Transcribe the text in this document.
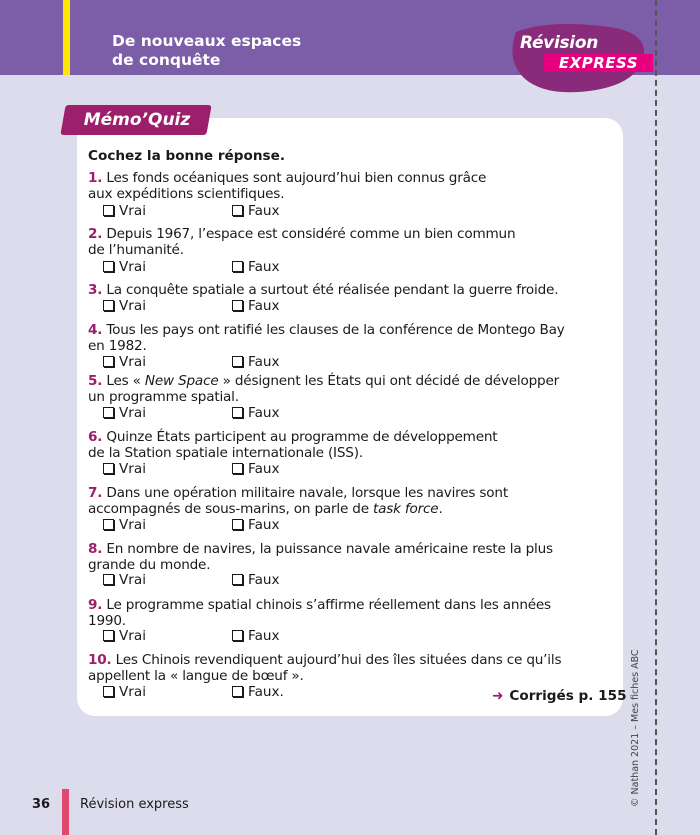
De nouveaux espaces
de conquête
Révision
EXPRESS
Mémo’Quiz
Cochez la bonne réponse.
1. Les fonds océaniques sont aujourd’hui bien connus grâce
aux expéditions scientifiques.
Vrai	Faux
2. Depuis 1967, l’espace est considéré comme un bien commun
de l’humanité.
Vrai	Faux
3. La conquête spatiale a surtout été réalisée pendant la guerre froide.
Vrai	Faux
4. Tous les pays ont ratifié les clauses de la conférence de Montego Bay
en 1982.
Vrai	Faux
5. Les « New Space » désignent les États qui ont décidé de développer
un programme spatial.
Vrai	Faux
6. Quinze États participent au programme de développement
de la Station spatiale internationale (ISS).
Vrai	Faux
7. Dans une opération militaire navale, lorsque les navires sont
accompagnés de sous-marins, on parle de task force.
Vrai	Faux
8. En nombre de navires, la puissance navale américaine reste la plus
grande du monde.
Vrai	Faux
9. Le programme spatial chinois s’affirme réellement dans les années
1990.
Vrai	Faux
10. Les Chinois revendiquent aujourd’hui des îles situées dans ce qu’ils
appellent la « langue de bœuf ».
Vrai	Faux.	➜ Corrigés p. 155
36 Révision express	© Nathan 2021 – Mes fiches ABC
